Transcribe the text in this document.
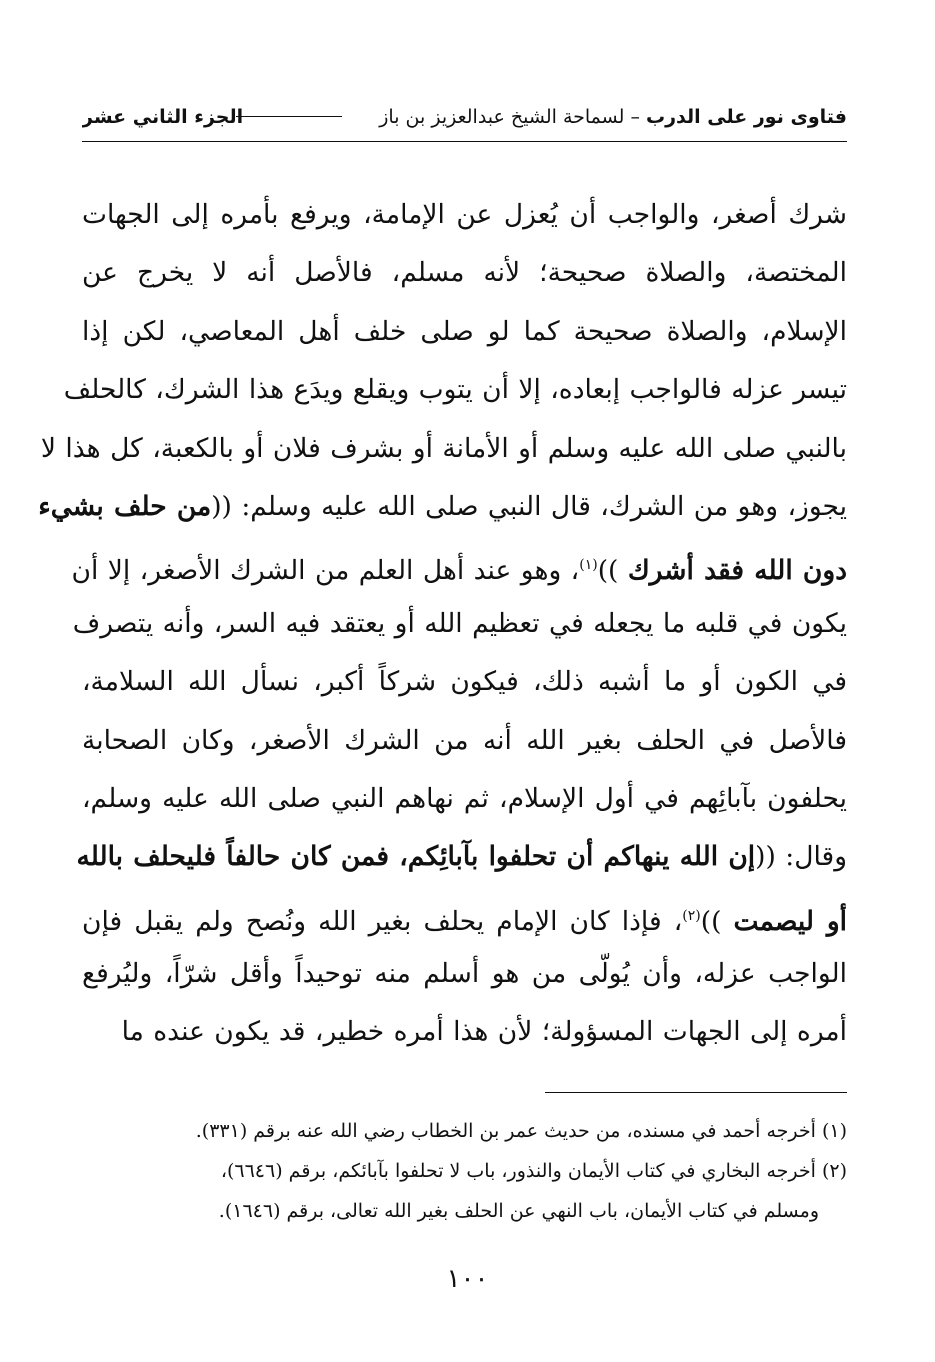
فتاوى نور على الدرب – لسماحة الشيخ عبدالعزيز بن باز
الجزء الثاني عشر
شرك أصغر، والواجب أن يُعزل عن الإمامة، ويرفع بأمره إلى الجهات
المختصة، والصلاة صحيحة؛ لأنه مسلم، فالأصل أنه لا يخرج عن
الإسلام، والصلاة صحيحة كما لو صلى خلف أهل المعاصي، لكن إذا
تيسر عزله فالواجب إبعاده، إلا أن يتوب ويقلع ويدَع هذا الشرك، كالحلف
بالنبي صلى الله عليه وسلم أو الأمانة أو بشرف فلان أو بالكعبة، كل هذا لا
يجوز، وهو من الشرك، قال النبي صلى الله عليه وسلم: ((من حلف بشيء
دون الله فقد أشرك ))$^{(١)}$، وهو عند أهل العلم من الشرك الأصغر، إلا أن
يكون في قلبه ما يجعله في تعظيم الله أو يعتقد فيه السر، وأنه يتصرف
في الكون أو ما أشبه ذلك، فيكون شركاً أكبر، نسأل الله السلامة،
فالأصل في الحلف بغير الله أنه من الشرك الأصغر، وكان الصحابة
يحلفون بآبائِهم في أول الإسلام، ثم نهاهم النبي صلى الله عليه وسلم،
وقال: ((إن الله ينهاكم أن تحلفوا بآبائِكم، فمن كان حالفاً فليحلف بالله
أو ليصمت ))$^{(٢)}$، فإذا كان الإمام يحلف بغير الله ونُصح ولم يقبل فإن
الواجب عزله، وأن يُولّى من هو أسلم منه توحيداً وأقل شرّاً، وليُرفع
أمره إلى الجهات المسؤولة؛ لأن هذا أمره خطير، قد يكون عنده ما
(١) أخرجه أحمد في مسنده، من حديث عمر بن الخطاب رضي الله عنه برقم (٣٣١).
(٢) أخرجه البخاري في كتاب الأيمان والنذور، باب لا تحلفوا بآبائكم، برقم (٦٦٤٦)،
ومسلم في كتاب الأيمان، باب النهي عن الحلف بغير الله تعالى، برقم (١٦٤٦).
١٠٠
